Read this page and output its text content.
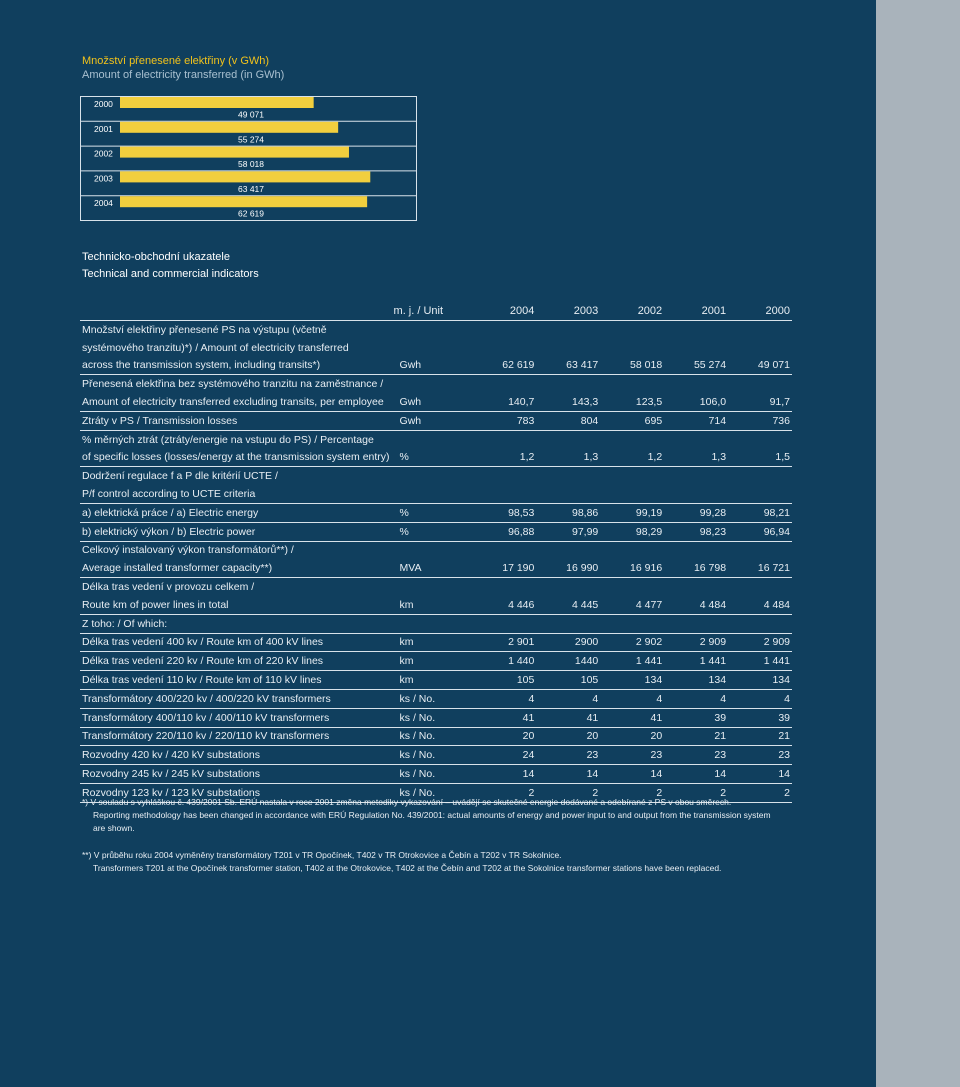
Množství přenesené elektřiny (v GWh)
Amount of electricity transferred (in GWh)
2000
49 071
2001
55 274
2002
58 018
2003
63 417
2004
62 619
Technicko-obchodní ukazatele
Technical and commercial indicators
	m. j. / Unit	2004	2003	2002	2001	2000
Množství elektřiny přenesené PS na výstupu (včetně						
systémového tranzitu)*) / Amount of electricity transferred						
across the transmission system, including transits*)	Gwh	62 619	63 417	58 018	55 274	49 071
Přenesená elektřina bez systémového tranzitu na zaměstnance /						
Amount of electricity transferred excluding transits, per employee	Gwh	140,7	143,3	123,5	106,0	91,7
Ztráty v PS / Transmission losses	Gwh	783	804	695	714	736
% měrných ztrát (ztráty/energie na vstupu do PS) / Percentage						
of specific losses (losses/energy at the transmission system entry)	%	1,2	1,3	1,2	1,3	1,5
Dodržení regulace f a P dle kritérií UCTE /						
P/f control according to UCTE criteria						
a) elektrická práce / a) Electric energy	%	98,53	98,86	99,19	99,28	98,21
b) elektrický výkon / b) Electric power	%	96,88	97,99	98,29	98,23	96,94
Celkový instalovaný výkon transformátorů**) /						
Average installed transformer capacity**)	MVA	17 190	16 990	16 916	16 798	16 721
Délka tras vedení v provozu celkem /						
Route km of power lines in total	km	4 446	4 445	4 477	4 484	4 484
Z toho: / Of which:						
Délka tras vedení 400 kv / Route km of 400 kV lines	km	2 901	2900	2 902	2 909	2 909
Délka tras vedení 220 kv / Route km of 220 kV lines	km	1 440	1440	1 441	1 441	1 441
Délka tras vedení 110 kv / Route km of 110 kV lines	km	105	105	134	134	134
Transformátory 400/220 kv / 400/220 kV transformers	ks / No.	4	4	4	4	4
Transformátory 400/110 kv / 400/110 kV transformers	ks / No.	41	41	41	39	39
Transformátory 220/110 kv / 220/110 kV transformers	ks / No.	20	20	20	21	21
Rozvodny 420 kv / 420 kV substations	ks / No.	24	23	23	23	23
Rozvodny 245 kv / 245 kV substations	ks / No.	14	14	14	14	14
Rozvodny 123 kv / 123 kV substations	ks / No.	2	2	2	2	2
*) V souladu s vyhláškou č. 439/2001 Sb. ERÚ nastala v roce 2001 změna metodiky vykazování – uvádějí se skutečné energie dodávané a odebírané z PS v obou směrech.
Reporting methodology has been changed in accordance with ERÚ Regulation No. 439/2001: actual amounts of energy and power input to and output from the transmission system
are shown.
**) V průběhu roku 2004 vyměněny transformátory T201 v TR Opočínek, T402 v TR Otrokovice a Čebín a T202 v TR Sokolnice.
Transformers T201 at the Opočínek transformer station, T402 at the Otrokovice, T402 at the Čebín and T202 at the Sokolnice transformer stations have been replaced.
